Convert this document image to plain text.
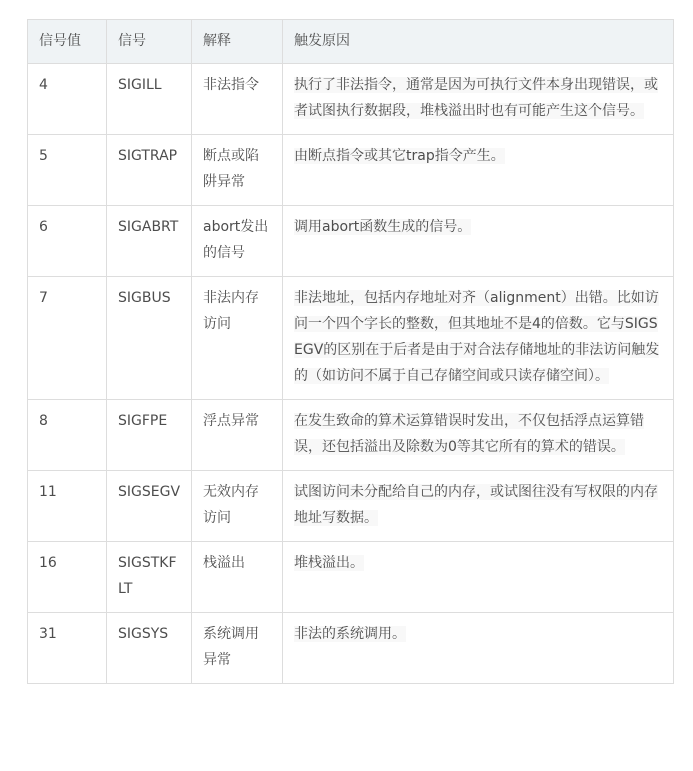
信号值	信号	解释	触发原因
4	SIGILL	非法指令	执行了非法指令，通常是因为可执行文件本身出现错误，或者试图执行数据段，堆栈溢出时也有可能产生这个信号。
5	SIGTRAP	断点或陷阱异常	由断点指令或其它trap指令产生。
6	SIGABRT	abort发出的信号	调用abort函数生成的信号。
7	SIGBUS	非法内存访问	非法地址，包括内存地址对齐（alignment）出错。比如访问一个四个字长的整数，但其地址不是4的倍数。它与SIGSEGV的区别在于后者是由于对合法存储地址的非法访问触发的（如访问不属于自己存储空间或只读存储空间）。
8	SIGFPE	浮点异常	在发生致命的算术运算错误时发出，不仅包括浮点运算错误，还包括溢出及除数为0等其它所有的算术的错误。
11	SIGSEGV	无效内存访问	试图访问未分配给自己的内存，或试图往没有写权限的内存地址写数据。
16	SIGSTKFLT	栈溢出	堆栈溢出。
31	SIGSYS	系统调用异常	非法的系统调用。
